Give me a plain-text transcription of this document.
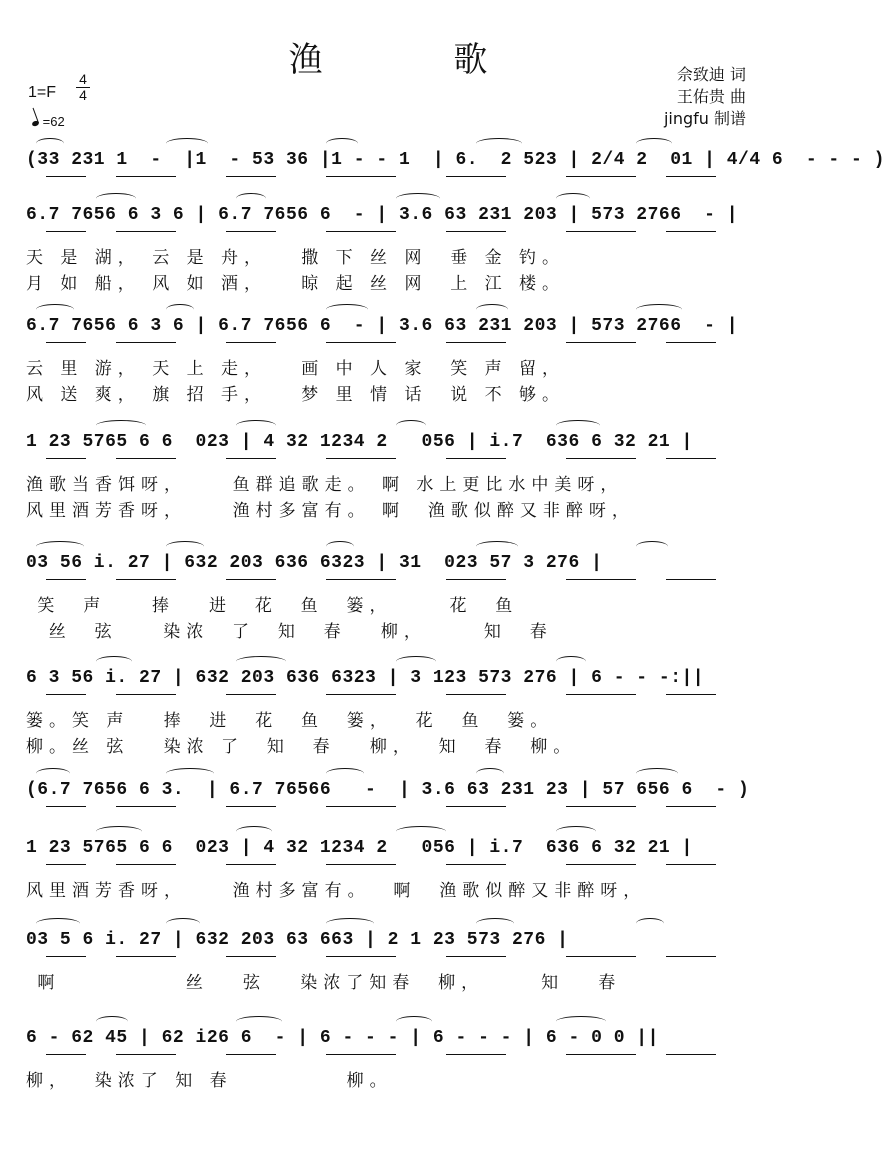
渔 歌	佘致迪 词
王佑贵 曲
jingfu 制谱
1=F
4
4
=62
(33 231 1  -  |1  - 53 36 |1 - - 1  | 6.  2 523 | 2/4 2  01 | 4/4 6  - - - )
6.7 7656 6 3 6 | 6.7 7656 6  - | 3.6 63 231 203 | 573 2766  - |
天 是 湖， 云 是 舟，   撒 下 丝 网  垂 金 钓。
月 如 船， 风 如 酒，   晾 起 丝 网  上 江 楼。
6.7 7656 6 3 6 | 6.7 7656 6  - | 3.6 63 231 203 | 573 2766  - |
云 里 游， 天 上 走，   画 中 人 家  笑 声 留，
风 送 爽， 旗 招 手，   梦 里 情 话  说 不 够。
1 23 5765 6 6  023 | 4 32 1234 2   056 | i.7  636 6 32 21 |
渔歌当香饵呀，    鱼群追歌走。 啊 水上更比水中美呀，
风里酒芳香呀，    渔村多富有。 啊  渔歌似醉又非醉呀，
03 56 i. 27 | 632 203 636 6323 | 31  023 57 3 276 |
笑  声    捧   进  花  鱼  篓，     花  鱼
丝  弦    染浓  了  知  春   柳，     知  春
6 3 56 i. 27 | 632 203 636 6323 | 3 123 573 276 | 6 - - -:||
篓。笑 声   捧  进  花  鱼  篓，  花  鱼  篓。
柳。丝 弦   染浓 了  知  春   柳，  知  春  柳。
(6.7 7656 6 3.  | 6.7 76566   -  | 3.6 63 231 23 | 57 656 6  - )
1 23 5765 6 6  023 | 4 32 1234 2   056 | i.7  636 6 32 21 |
风里酒芳香呀，    渔村多富有。  啊  渔歌似醉又非醉呀，
03 5 6 i. 27 | 632 203 63 663 | 2 1 23 573 276 |
啊           丝   弦   染浓了知春  柳，     知   春
6 - 62 45 | 62 i26 6  - | 6 - - - | 6 - - - | 6 - 0 0 ||
柳，  染浓了 知 春          柳。
